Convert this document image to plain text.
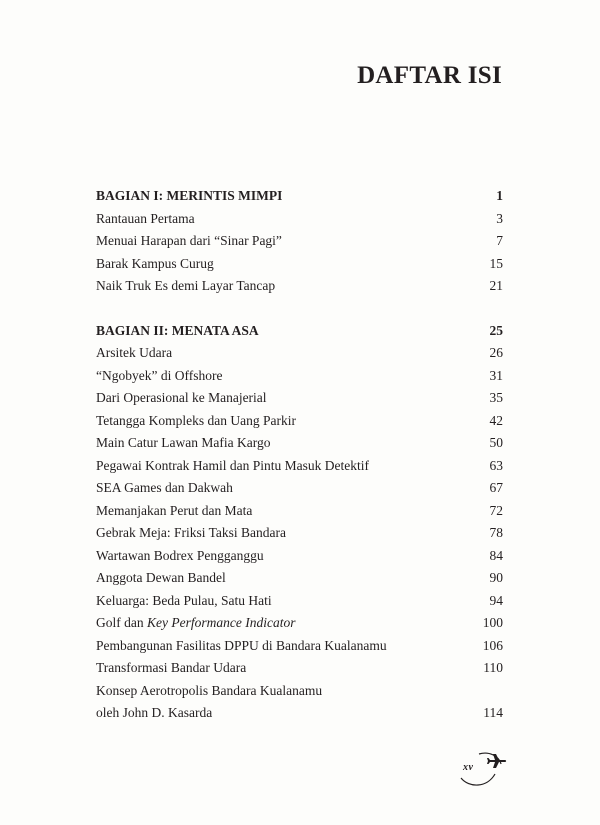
DAFTAR ISI
BAGIAN I: MERINTIS MIMPI	1
Rantauan Pertama	3
Menuai Harapan dari “Sinar Pagi”	7
Barak Kampus Curug	15
Naik Truk Es demi Layar Tancap	21
BAGIAN II: MENATA ASA	25
Arsitek Udara	26
“Ngobyek” di Offshore	31
Dari Operasional ke Manajerial	35
Tetangga Kompleks dan Uang Parkir	42
Main Catur Lawan Mafia Kargo	50
Pegawai Kontrak Hamil dan Pintu Masuk Detektif	63
SEA Games dan Dakwah	67
Memanjakan Perut dan Mata	72
Gebrak Meja: Friksi Taksi Bandara	78
Wartawan Bodrex Pengganggu	84
Anggota Dewan Bandel	90
Keluarga: Beda Pulau, Satu Hati	94
Golf dan Key Performance Indicator	100
Pembangunan Fasilitas DPPU di Bandara Kualanamu	106
Transformasi Bandar Udara	110
Konsep Aerotropolis Bandara Kualanamu
oleh John D. Kasarda	114
xv
